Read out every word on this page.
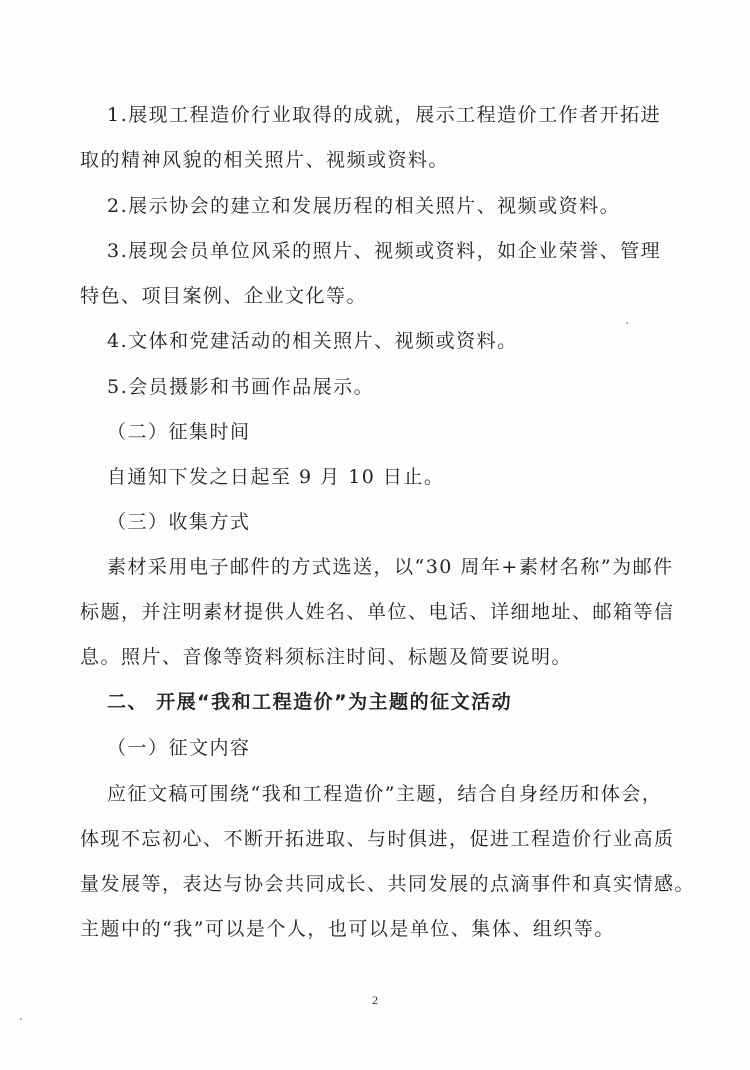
1.展现工程造价行业取得的成就，展示工程造价工作者开拓进
取的精神风貌的相关照片、视频或资料。
2.展示协会的建立和发展历程的相关照片、视频或资料。
3.展现会员单位风采的照片、视频或资料，如企业荣誉、管理
特色、项目案例、企业文化等。
4.文体和党建活动的相关照片、视频或资料。
5.会员摄影和书画作品展示。
（二）征集时间
自通知下发之日起至 9 月 10 日止。
（三）收集方式
素材采用电子邮件的方式选送，以“30 周年+素材名称”为邮件
标题，并注明素材提供人姓名、单位、电话、详细地址、邮箱等信
息。照片、音像等资料须标注时间、标题及简要说明。
二、 开展“我和工程造价”为主题的征文活动
（一）征文内容
应征文稿可围绕“我和工程造价”主题，结合自身经历和体会，
体现不忘初心、不断开拓进取、与时俱进，促进工程造价行业高质
量发展等，表达与协会共同成长、共同发展的点滴事件和真实情感。
主题中的“我”可以是个人，也可以是单位、集体、组织等。
2
